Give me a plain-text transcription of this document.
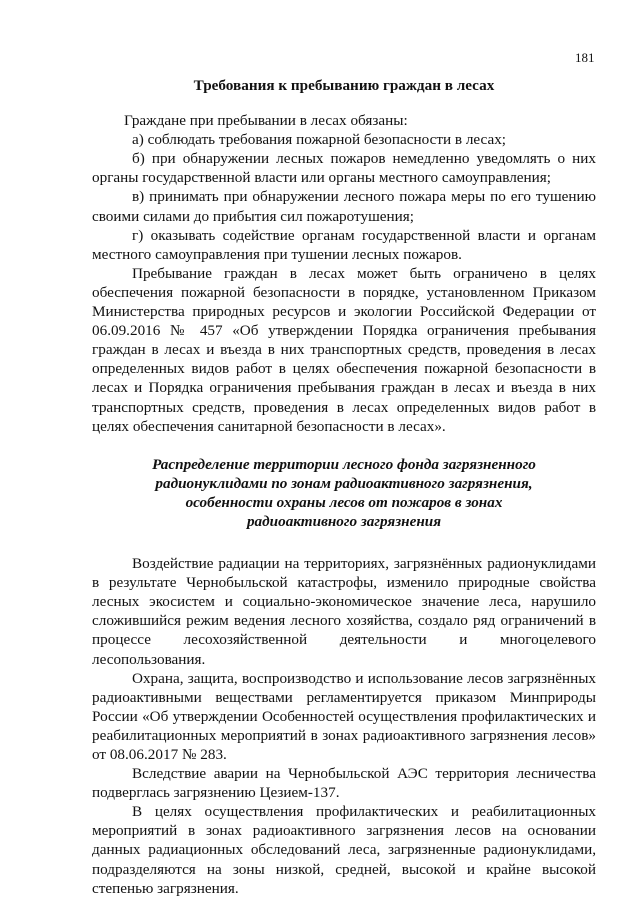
181
Требования к пребыванию граждан в лесах

Граждане при пребывании в лесах обязаны:

а) соблюдать требования пожарной безопасности в лесах;

б) при обнаружении лесных пожаров немедленно уведомлять о них органы государственной власти или органы местного самоуправления;

в) принимать при обнаружении лесного пожара меры по его тушению своими силами до прибытия сил пожаротушения;

г) оказывать содействие органам государственной власти и органам местного самоуправления при тушении лесных пожаров.

Пребывание граждан в лесах может быть ограничено в целях обеспечения пожарной безопасности в порядке, установленном Приказом Министерства природных ресурсов и экологии Российской Федерации от 06.09.2016 № 457 «Об утверждении Порядка ограничения пребывания граждан в лесах и въезда в них транспортных средств, проведения в лесах определенных видов работ в целях обеспечения пожарной безопасности в лесах и Порядка ограничения пребывания граждан в лесах и въезда в них транспортных средств, проведения в лесах определенных видов работ в целях обеспечения санитарной безопасности в лесах».

Распределение территории лесного фонда загрязненного
радионуклидами по зонам радиоактивного загрязнения,
особенности охраны лесов от пожаров в зонах
радиоактивного загрязнения

Воздействие радиации на территориях, загрязнённых радионуклидами в результате Чернобыльской катастрофы, изменило природные свойства лесных экосистем и социально-экономическое значение леса, нарушило сложившийся режим ведения лесного хозяйства, создало ряд ограничений в процессе лесохозяйственной деятельности и многоцелевого лесопользования.

Охрана, защита, воспроизводство и использование лесов загрязнённых радиоактивными веществами регламентируется приказом Минприроды России «Об утверждении Особенностей осуществления профилактических и реабилитационных мероприятий в зонах радиоактивного загрязнения лесов» от 08.06.2017 № 283.

Вследствие аварии на Чернобыльской АЭС территория лесничества подверглась загрязнению Цезием-137.

В целях осуществления профилактических и реабилитационных мероприятий в зонах радиоактивного загрязнения лесов на основании данных радиационных обследований леса, загрязненные радионуклидами, подразделяются на зоны низкой, средней, высокой и крайне высокой степенью загрязнения.
